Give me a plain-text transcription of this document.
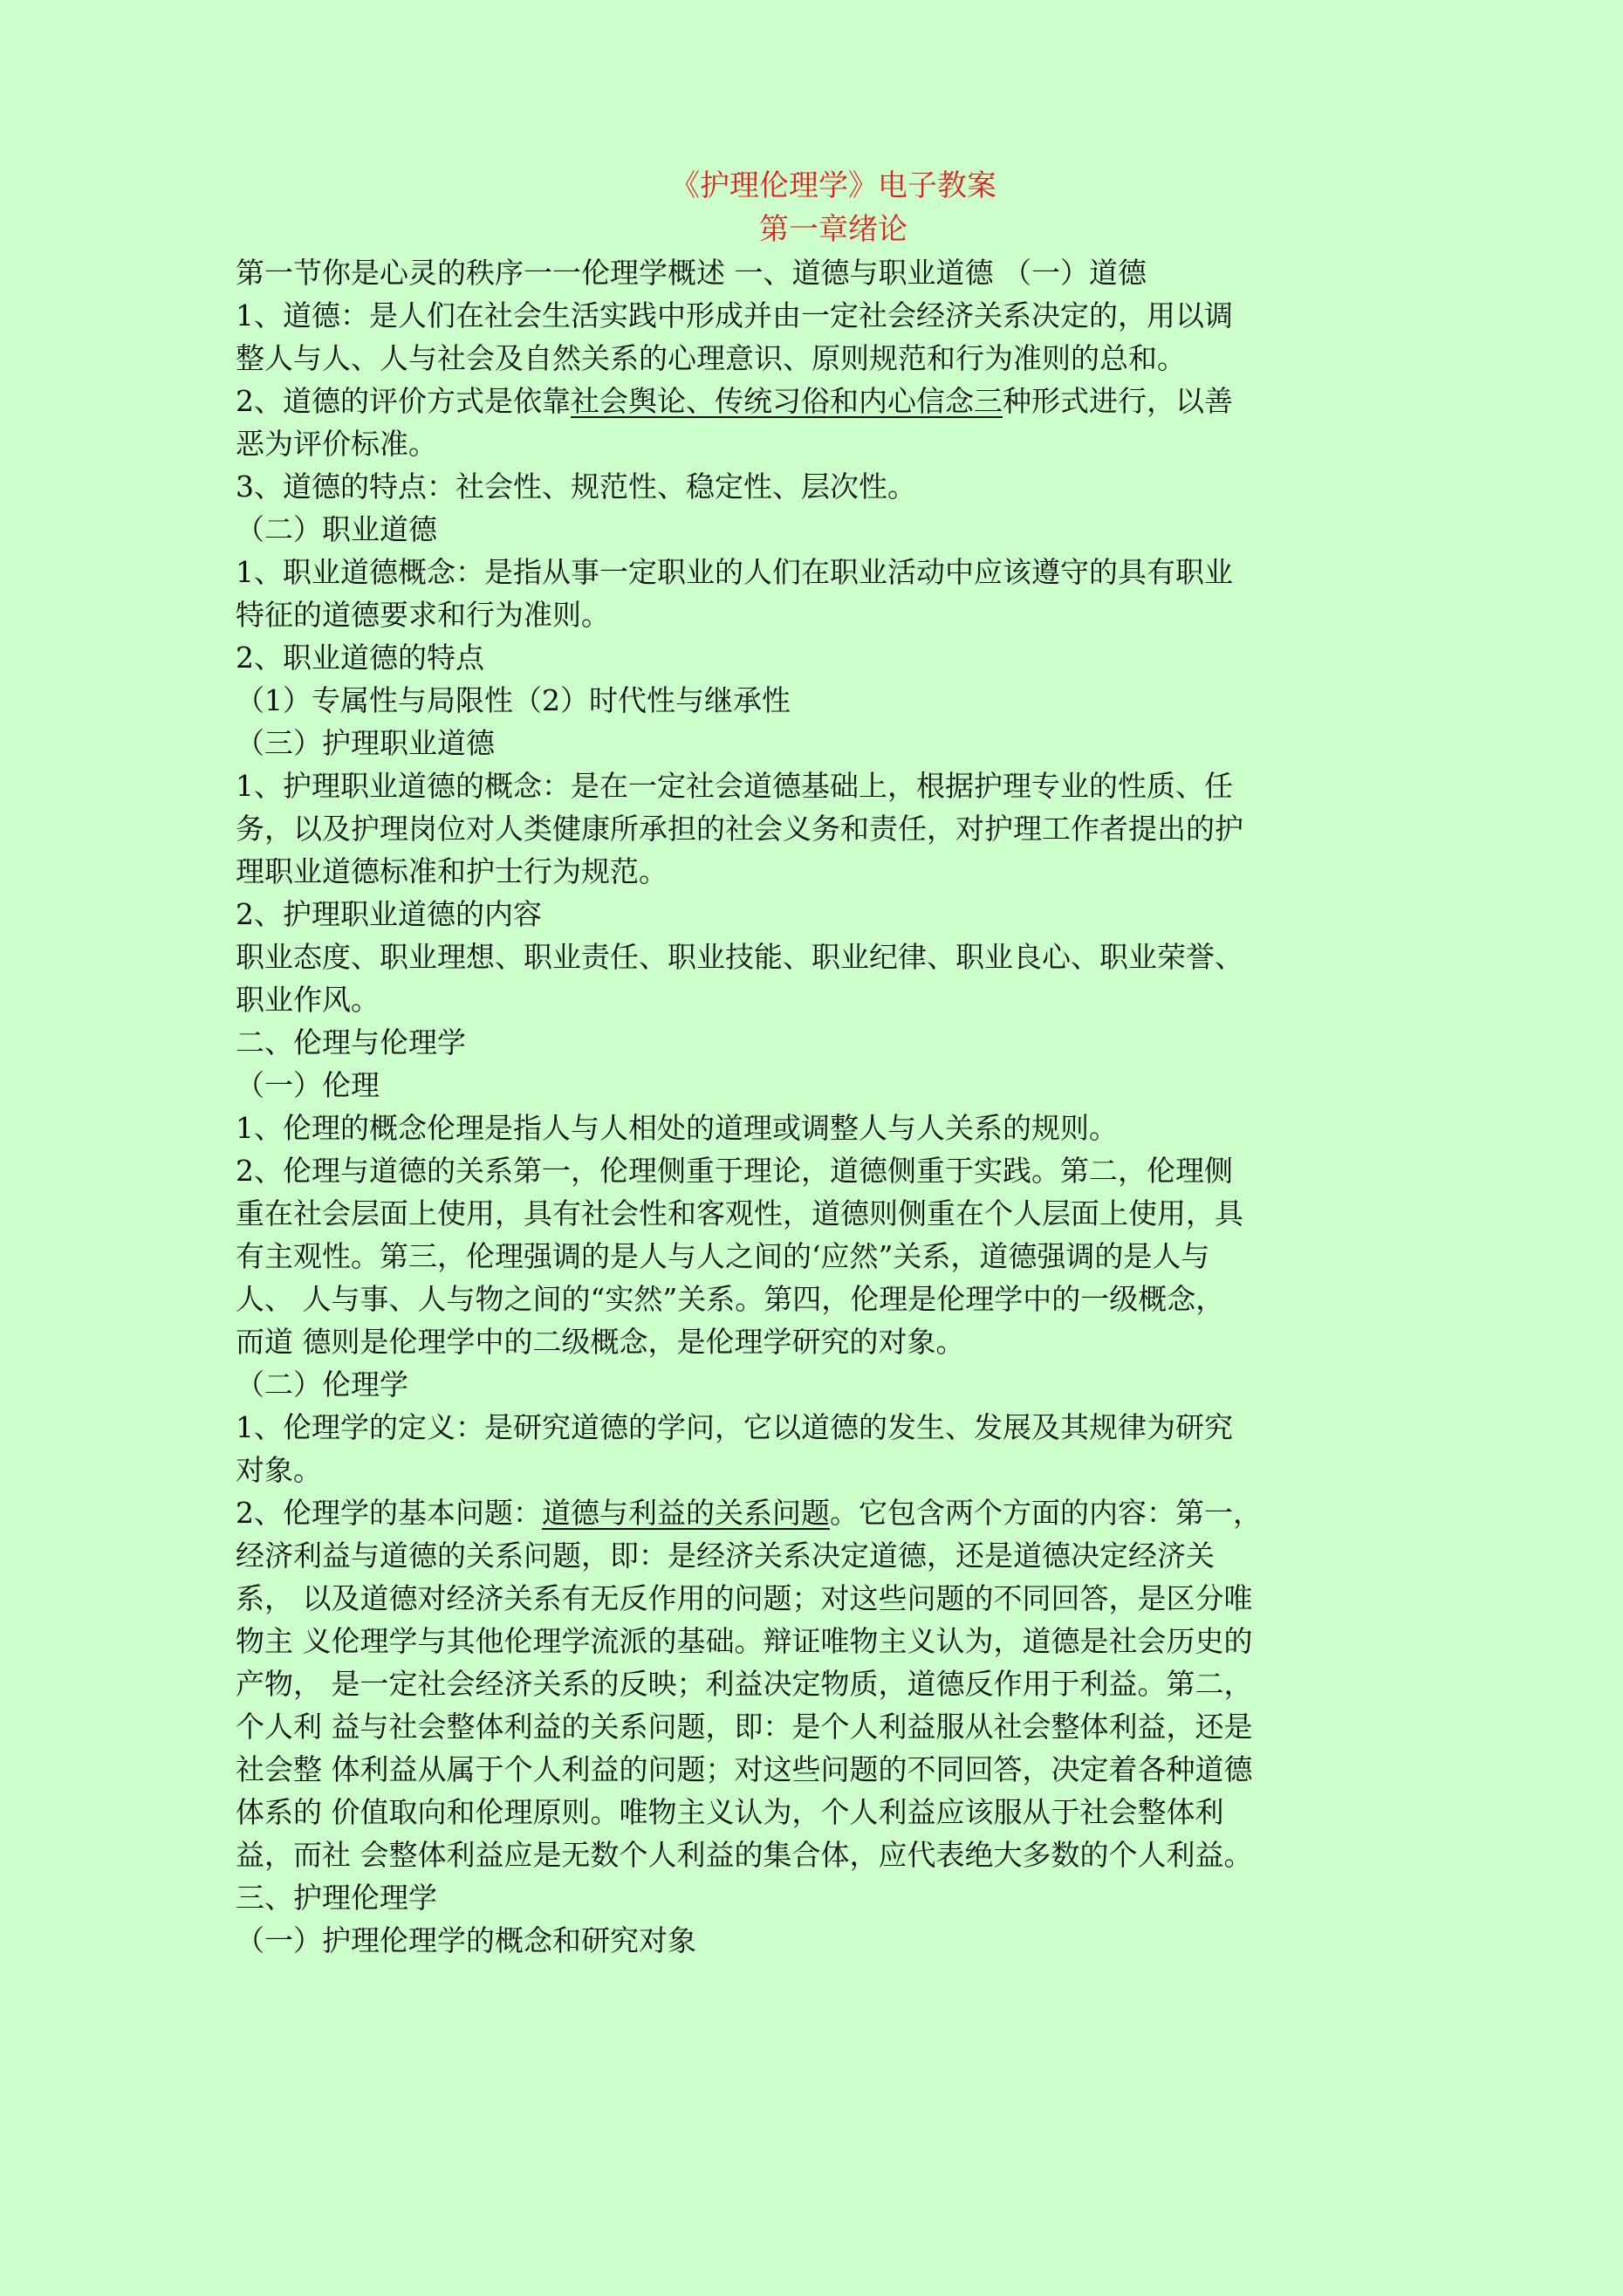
《护理伦理学》电子教案

第一章绪论

第一节你是心灵的秩序一一伦理学概述 一、道德与职业道德 （一）道德

1、道德：是人们在社会生活实践中形成并由一定社会经济关系决定的，用以调

整人与人、人与社会及自然关系的心理意识、原则规范和行为准则的总和。

2、道德的评价方式是依靠社会舆论、传统习俗和内心信念三种形式进行，以善

恶为评价标准。

3、道德的特点：社会性、规范性、稳定性、层次性。

（二）职业道德

1、职业道德概念：是指从事一定职业的人们在职业活动中应该遵守的具有职业

特征的道德要求和行为准则。

2、职业道德的特点

（1）专属性与局限性（2）时代性与继承性

（三）护理职业道德

1、护理职业道德的概念：是在一定社会道德基础上，根据护理专业的性质、任

务，以及护理岗位对人类健康所承担的社会义务和责任，对护理工作者提出的护

理职业道德标准和护士行为规范。

2、护理职业道德的内容

职业态度、职业理想、职业责任、职业技能、职业纪律、职业良心、职业荣誉、

职业作风。

二、伦理与伦理学

（一）伦理

1、伦理的概念伦理是指人与人相处的道理或调整人与人关系的规则。

2、伦理与道德的关系第一，伦理侧重于理论，道德侧重于实践。第二，伦理侧

重在社会层面上使用，具有社会性和客观性，道德则侧重在个人层面上使用，具

有主观性。第三，伦理强调的是人与人之间的‘应然”关系，道德强调的是人与

人、 人与事、人与物之间的“实然”关系。第四，伦理是伦理学中的一级概念，

而道 德则是伦理学中的二级概念，是伦理学研究的对象。

（二）伦理学

1、伦理学的定义：是研究道德的学问，它以道德的发生、发展及其规律为研究

对象。

2、伦理学的基本问题：道德与利益的关系问题。它包含两个方面的内容：第一，

经济利益与道德的关系问题，即：是经济关系决定道德，还是道德决定经济关

系， 以及道德对经济关系有无反作用的问题；对这些问题的不同回答，是区分唯

物主 义伦理学与其他伦理学流派的基础。辩证唯物主义认为，道德是社会历史的

产物， 是一定社会经济关系的反映；利益决定物质，道德反作用于利益。第二，

个人利 益与社会整体利益的关系问题，即：是个人利益服从社会整体利益，还是

社会整 体利益从属于个人利益的问题；对这些问题的不同回答，决定着各种道德

体系的 价值取向和伦理原则。唯物主义认为，个人利益应该服从于社会整体利

益，而社 会整体利益应是无数个人利益的集合体，应代表绝大多数的个人利益。

三、护理伦理学

（一）护理伦理学的概念和研究对象
